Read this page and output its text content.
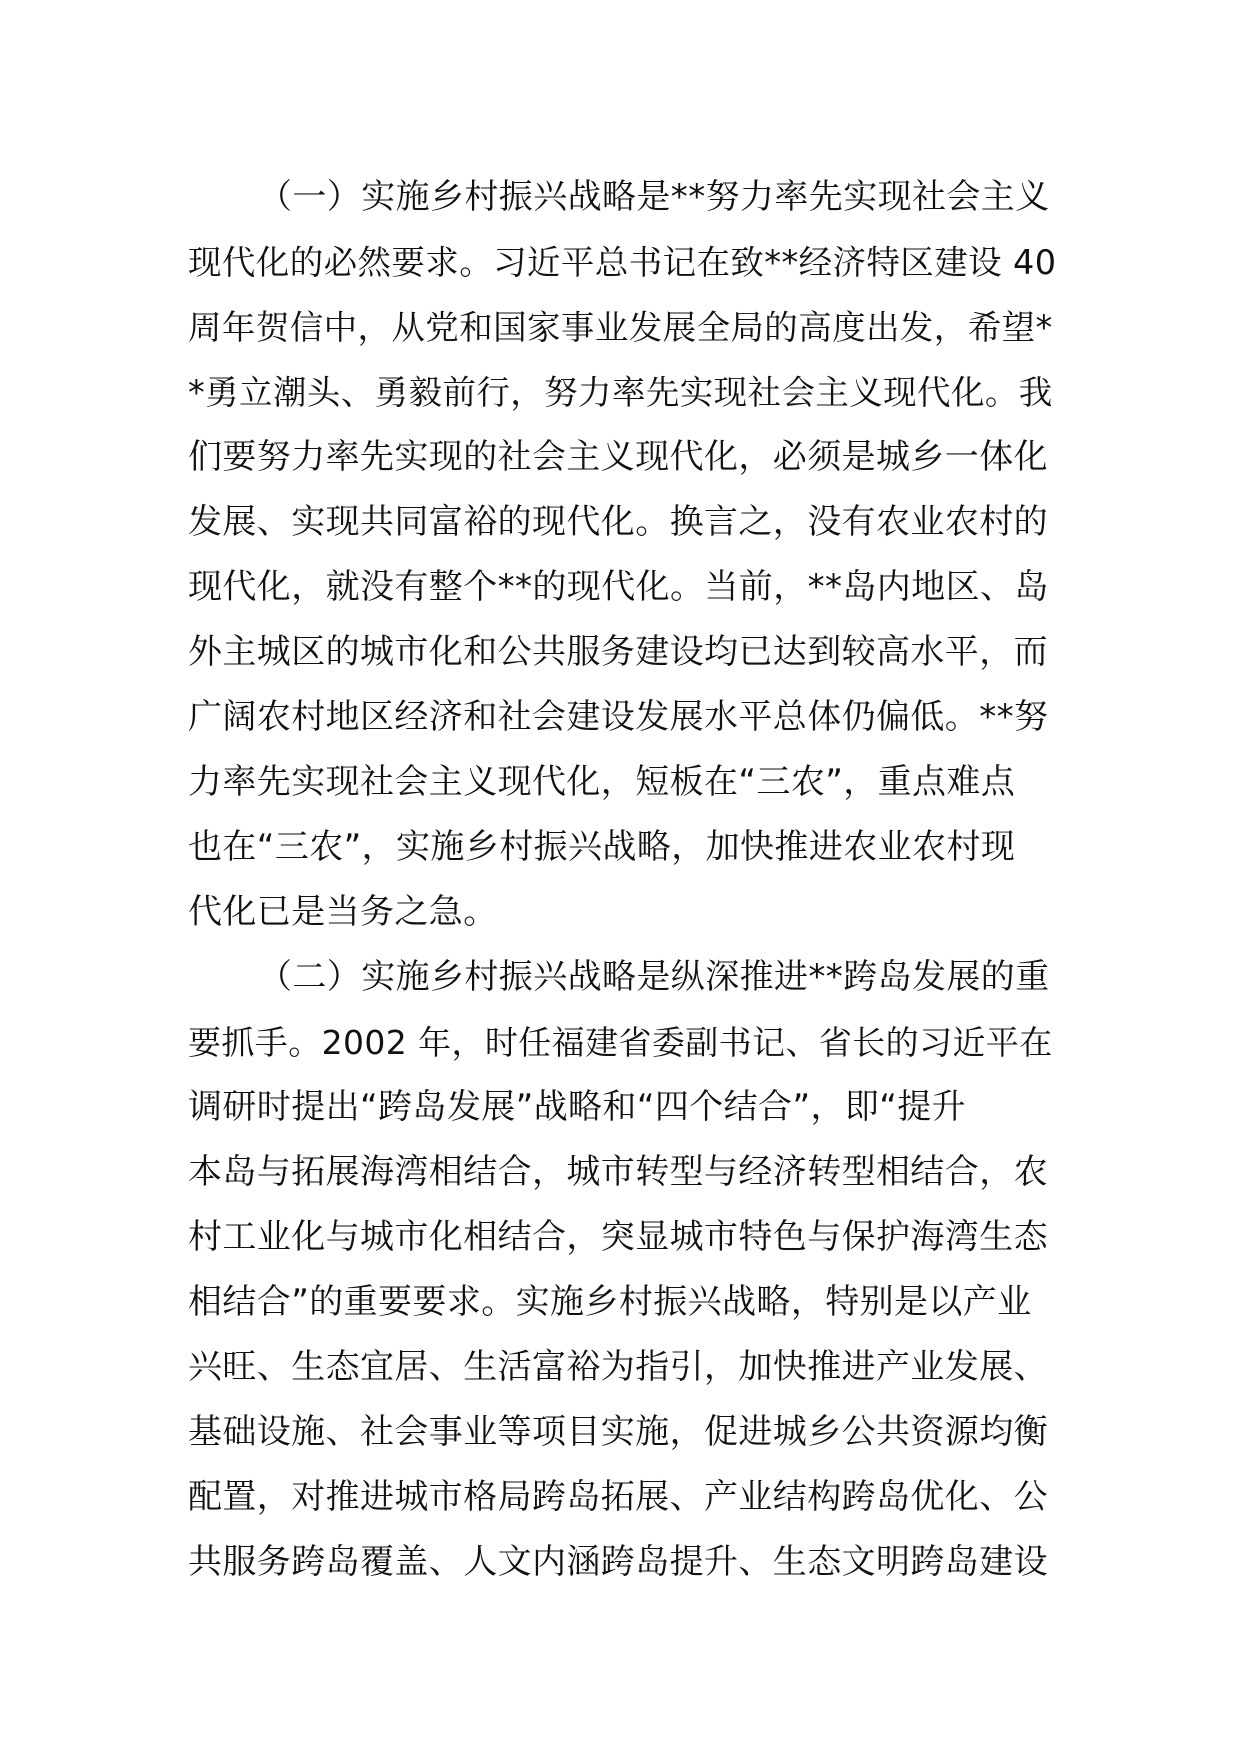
（一）实施乡村振兴战略是**努力率先实现社会主义
现代化的必然要求。习近平总书记在致**经济特区建设 40
周年贺信中，从党和国家事业发展全局的高度出发，希望*
*勇立潮头、勇毅前行，努力率先实现社会主义现代化。我
们要努力率先实现的社会主义现代化，必须是城乡一体化
发展、实现共同富裕的现代化。换言之，没有农业农村的
现代化，就没有整个**的现代化。当前，**岛内地区、岛
外主城区的城市化和公共服务建设均已达到较高水平，而
广阔农村地区经济和社会建设发展水平总体仍偏低。**努
力率先实现社会主义现代化，短板在“三农”，重点难点
也在“三农”，实施乡村振兴战略，加快推进农业农村现
代化已是当务之急。
（二）实施乡村振兴战略是纵深推进**跨岛发展的重
要抓手。2002 年，时任福建省委副书记、省长的习近平在
调研时提出“跨岛发展”战略和“四个结合”，即“提升
本岛与拓展海湾相结合，城市转型与经济转型相结合，农
村工业化与城市化相结合，突显城市特色与保护海湾生态
相结合”的重要要求。实施乡村振兴战略，特别是以产业
兴旺、生态宜居、生活富裕为指引，加快推进产业发展、
基础设施、社会事业等项目实施，促进城乡公共资源均衡
配置，对推进城市格局跨岛拓展、产业结构跨岛优化、公
共服务跨岛覆盖、人文内涵跨岛提升、生态文明跨岛建设
